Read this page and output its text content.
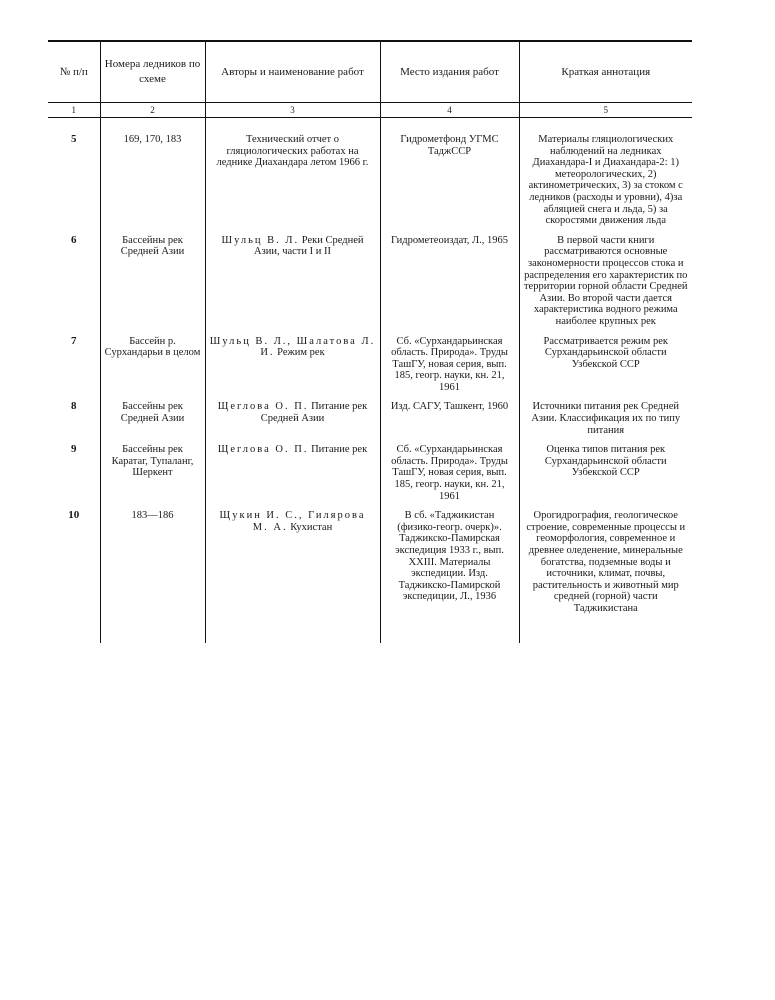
№ п/п	Номера ледников по схеме	Авторы и наименование работ	Место издания работ	Краткая аннотация
1	2	3	4	5
5	169, 170, 183	Технический отчет о гляциологических работах на леднике Диахандара летом 1966 г.	Гидрометфонд УГМС ТаджССР	Материалы гляциологических наблюдений на ледниках Диахандара-I и Диахандара-2: 1) метеорологических, 2) актинометрических, 3) за стоком с ледников (расходы и уровни), 4)за абляцией снега и льда, 5) за скоростями движения льда
6	Бассейны рек Средней Азии	Шульц В. Л. Реки Средней Азии, части I и II	Гидрометеоиздат, Л., 1965	В первой части книги рассматриваются основные закономерности процессов стока и распределения его характеристик по территории горной области Средней Азии. Во второй части дается характеристика водного режима наиболее крупных рек
7	Бассейн р. Сурхандарьи в целом	Шульц В. Л., Шалатова Л. И. Режим рек	Сб. «Сурхандарьинская область. Природа». Труды ТашГУ, новая серия, вып. 185, геогр. науки, кн. 21, 1961	Рассматривается режим рек Сурхандарьинской области Узбекской ССР
8	Бассейны рек Средней Азии	Щеглова О. П. Питание рек Средней Азии	Изд. САГУ, Ташкент, 1960	Источники питания рек Средней Азии. Классификация их по типу питания
9	Бассейны рек Каратаг, Тупаланг, Шеркент	Щеглова О. П. Питание рек	Сб. «Сурхандарьинская область. Природа». Труды ТашГУ, новая серия, вып. 185, геогр. науки, кн. 21, 1961	Оценка типов питания рек Сурхандарьинской области Узбекской ССР
10	183—186	Щукин И. С., Гилярова М. А. Кухистан	В сб. «Таджикистан (физико-геогр. очерк)». Таджикско-Памирская экспедиция 1933 г., вып. XXIII. Материалы экспедиции. Изд. Таджикско-Памирской экспедиции, Л., 1936	Орогидрография, геологическое строение, современные процессы и геоморфология, современное и древнее оледенение, минеральные богатства, подземные воды и источники, климат, почвы, растительность и животный мир средней (горной) части Таджикистана
